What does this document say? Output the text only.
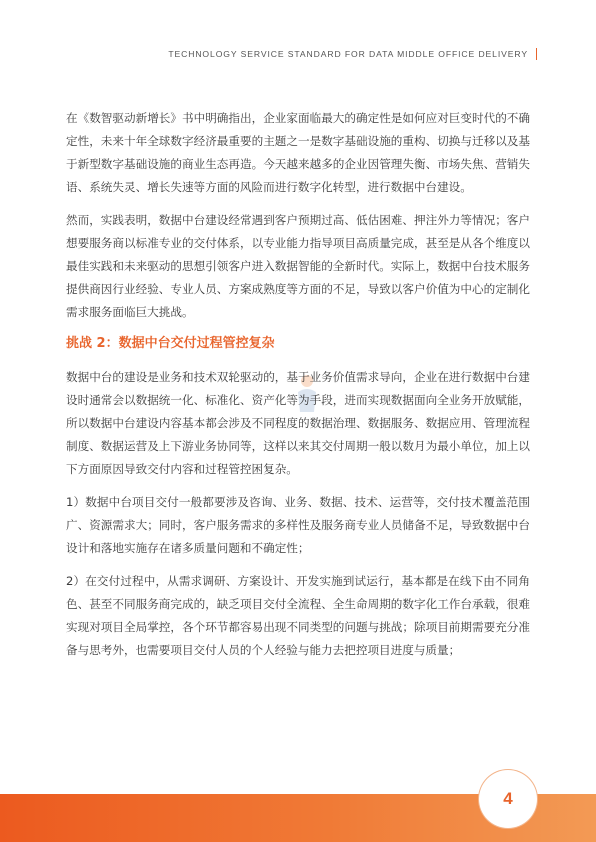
TECHNOLOGY SERVICE STANDARD FOR DATA MIDDLE OFFICE DELIVERY

在《数智驱动新增长》书中明确指出，企业家面临最大的确定性是如何应对巨变时代的不确定性，未来十年全球数字经济最重要的主题之一是数字基础设施的重构、切换与迁移以及基于新型数字基础设施的商业生态再造。今天越来越多的企业因管理失衡、市场失焦、营销失语、系统失灵、增长失速等方面的风险而进行数字化转型，进行数据中台建设。

然而，实践表明，数据中台建设经常遇到客户预期过高、低估困难、押注外力等情况；客户想要服务商以标准专业的交付体系，以专业能力指导项目高质量完成，甚至是从各个维度以最佳实践和未来驱动的思想引领客户进入数据智能的全新时代。实际上，数据中台技术服务提供商因行业经验、专业人员、方案成熟度等方面的不足，导致以客户价值为中心的定制化需求服务面临巨大挑战。

挑战 2：数据中台交付过程管控复杂

数据中台的建设是业务和技术双轮驱动的，基于业务价值需求导向，企业在进行数据中台建设时通常会以数据统一化、标准化、资产化等为手段，进而实现数据面向全业务开放赋能，所以数据中台建设内容基本都会涉及不同程度的数据治理、数据服务、数据应用、管理流程制度、数据运营及上下游业务协同等，这样以来其交付周期一般以数月为最小单位，加上以下方面原因导致交付内容和过程管控困复杂。

1）数据中台项目交付一般都要涉及咨询、业务、数据、技术、运营等，交付技术覆盖范围广、资源需求大；同时，客户服务需求的多样性及服务商专业人员储备不足，导致数据中台设计和落地实施存在诸多质量问题和不确定性；

2）在交付过程中，从需求调研、方案设计、开发实施到试运行，基本都是在线下由不同角色、甚至不同服务商完成的，缺乏项目交付全流程、全生命周期的数字化工作台承载，很难实现对项目全局掌控，各个环节都容易出现不同类型的问题与挑战；除项目前期需要充分准备与思考外，也需要项目交付人员的个人经验与能力去把控项目进度与质量；

4
